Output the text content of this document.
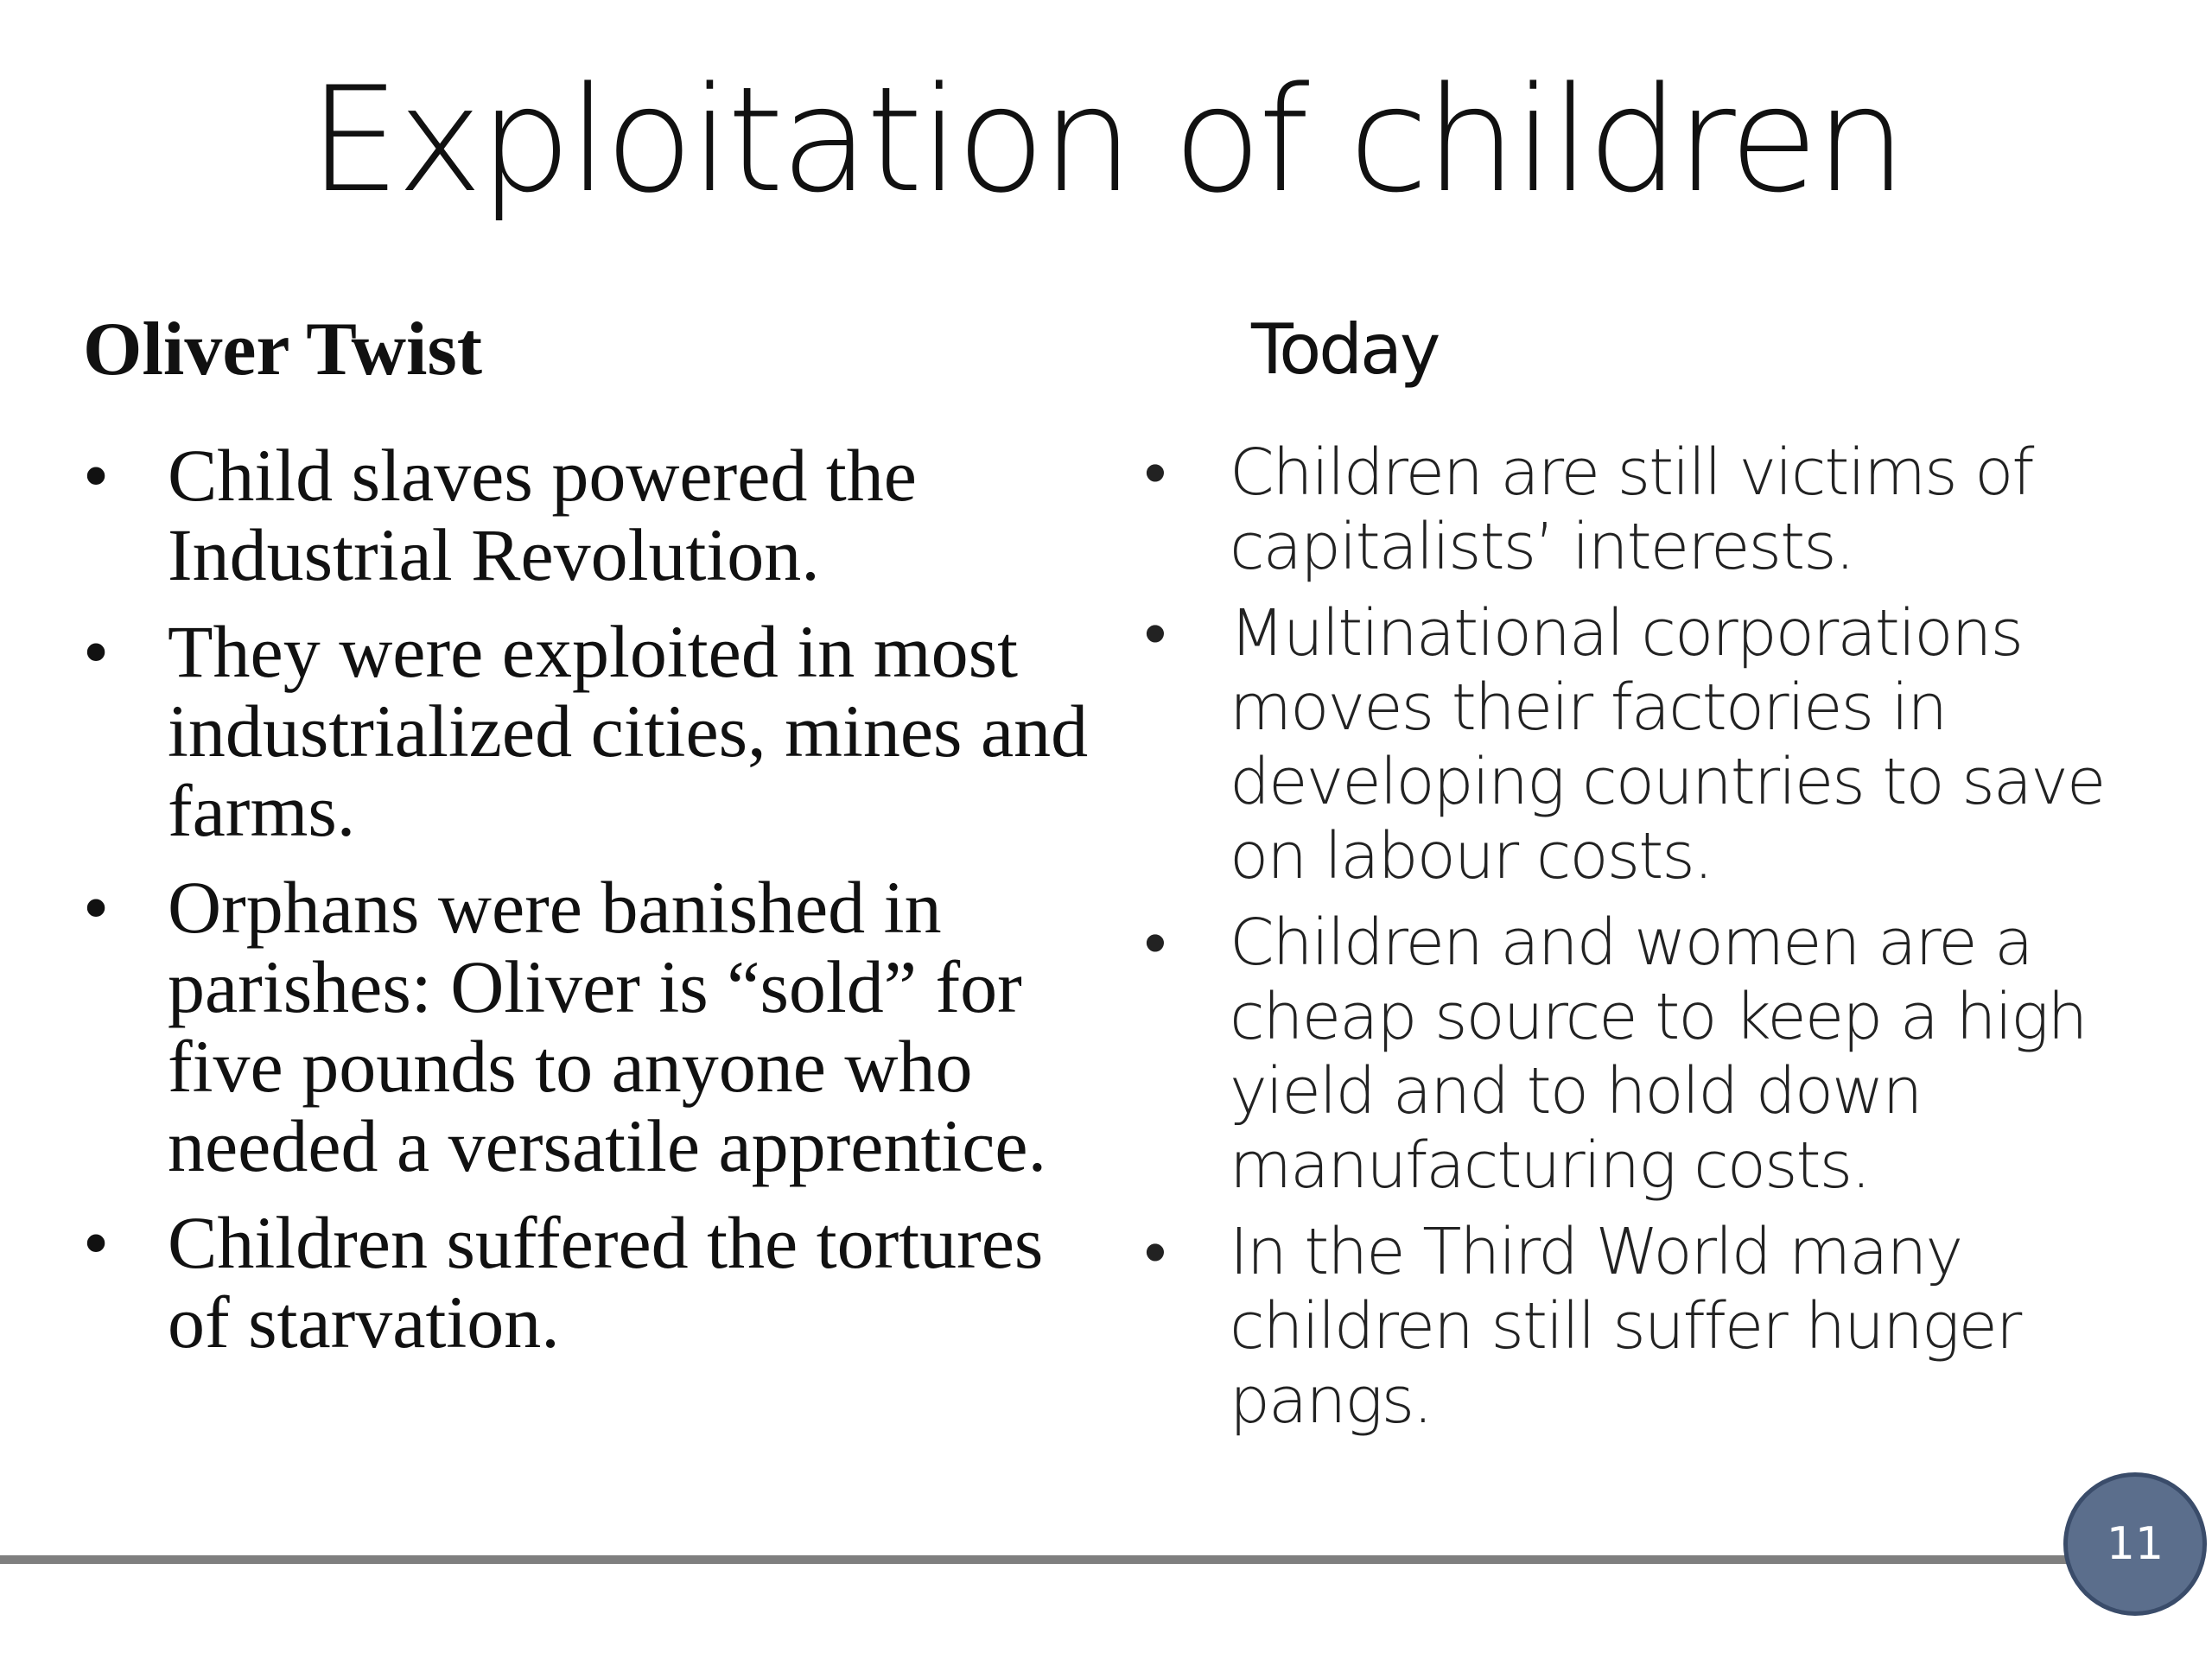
Exploitation of children
Oliver Twist
• Child slaves powered the Industrial Revolution.
• They were exploited in most industrialized cities, mines and farms.
• Orphans were banished in parishes: Oliver is “sold” for five pounds to anyone who needed a versatile apprentice.
• Children suffered the tortures of starvation.
Today
• Children are still victims of capitalists’ interests.
• Multinational corporations moves their factories in developing countries to save on labour costs.
• Children and women are a cheap source to keep a high yield and to hold down manufacturing costs.
• In the Third World many children still suffer hunger pangs.
11
